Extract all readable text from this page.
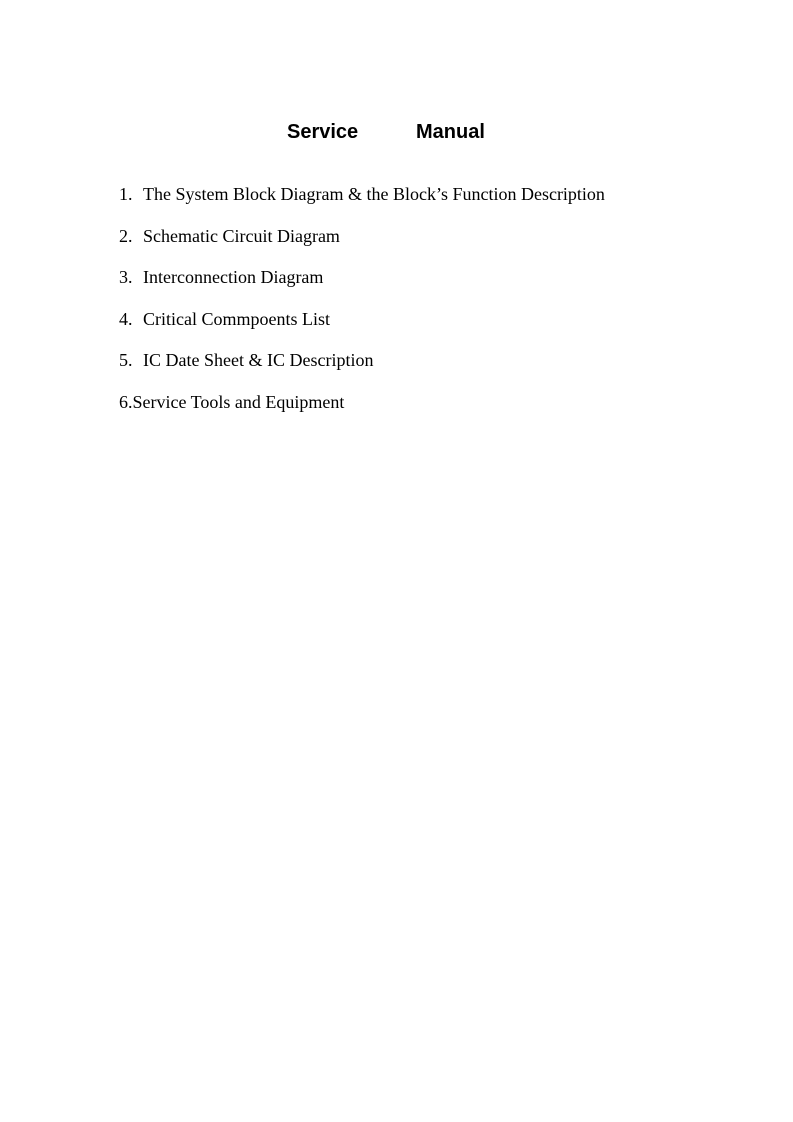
Service	Manual
1. The System Block Diagram & the Block’s Function Description
2. Schematic Circuit Diagram
3. Interconnection Diagram
4. Critical Commpoents List
5. IC Date Sheet & IC Description
6.Service Tools and Equipment
